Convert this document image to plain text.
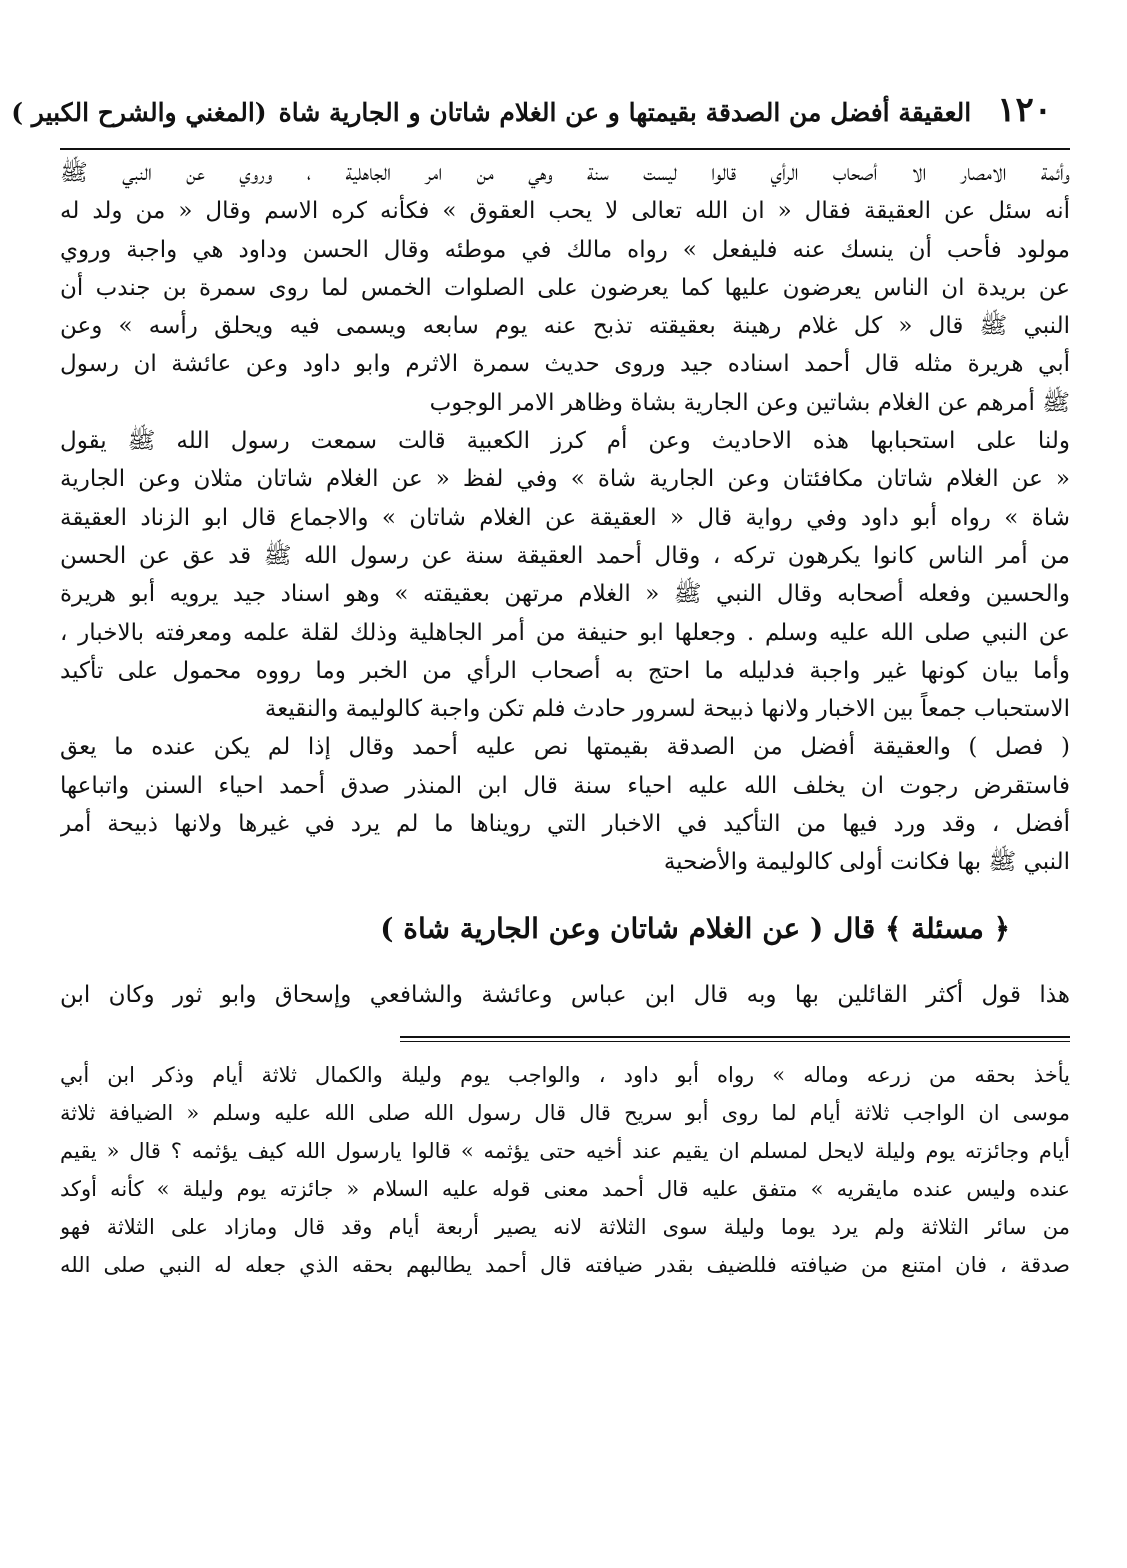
١٢٠
العقيقة أفضل من الصدقة بقيمتها و عن الغلام شاتان و الجارية شاة
(المغني والشرح الكبير )
وأئمة الامصار الا أصحاب الرأي قالوا ليست سنة وهي من امر الجاهلية ، وروي عن النبي ﷺ
أنه سئل عن العقيقة فقال « ان الله تعالى لا يحب العقوق » فكأنه كره الاسم وقال « من ولد له
مولود فأحب أن ينسك عنه فليفعل » رواه مالك في موطئه وقال الحسن وداود هي واجبة وروي
عن بريدة ان الناس يعرضون عليها كما يعرضون على الصلوات الخمس لما روى سمرة بن جندب أن
النبي ﷺ قال « كل غلام رهينة بعقيقته تذبح عنه يوم سابعه ويسمى فيه ويحلق رأسه » وعن
أبي هريرة مثله قال أحمد اسناده جيد وروى حديث سمرة الاثرم وابو داود وعن عائشة ان رسول
ﷺ أمرهم عن الغلام بشاتين وعن الجارية بشاة وظاهر الامر الوجوب
ولنا على استحبابها هذه الاحاديث وعن أم كرز الكعبية قالت سمعت رسول الله ﷺ يقول
« عن الغلام شاتان مكافئتان وعن الجارية شاة » وفي لفظ « عن الغلام شاتان مثلان وعن الجارية
شاة » رواه أبو داود وفي رواية قال « العقيقة عن الغلام شاتان » والاجماع قال ابو الزناد العقيقة
من أمر الناس كانوا يكرهون تركه ، وقال أحمد العقيقة سنة عن رسول الله ﷺ قد عق عن الحسن
والحسين وفعله أصحابه وقال النبي ﷺ « الغلام مرتهن بعقيقته » وهو اسناد جيد يرويه أبو هريرة
عن النبي صلى الله عليه وسلم . وجعلها ابو حنيفة من أمر الجاهلية وذلك لقلة علمه ومعرفته بالاخبار ،
وأما بيان كونها غير واجبة فدليله ما احتج به أصحاب الرأي من الخبر وما رووه محمول على تأكيد
الاستحباب جمعاً بين الاخبار ولانها ذبيحة لسرور حادث فلم تكن واجبة كالوليمة والنقيعة
( فصل ) والعقيقة أفضل من الصدقة بقيمتها نص عليه أحمد وقال إذا لم يكن عنده ما يعق
فاستقرض رجوت ان يخلف الله عليه احياء سنة قال ابن المنذر صدق أحمد احياء السنن واتباعها
أفضل ، وقد ورد فيها من التأكيد في الاخبار التي رويناها ما لم يرد في غيرها ولانها ذبيحة أمر
النبي ﷺ بها فكانت أولى كالوليمة والأضحية
﴿ مسئلة ﴾ قال ( عن الغلام شاتان وعن الجارية شاة )
هذا قول أكثر القائلين بها وبه قال ابن عباس وعائشة والشافعي وإسحاق وابو ثور وكان ابن
يأخذ بحقه من زرعه وماله » رواه أبو داود ، والواجب يوم وليلة والكمال ثلاثة أيام وذكر ابن أبي
موسى ان الواجب ثلاثة أيام لما روى أبو سريح قال قال رسول الله صلى الله عليه وسلم « الضيافة ثلاثة
أيام وجائزته يوم وليلة لايحل لمسلم ان يقيم عند أخيه حتى يؤثمه » قالوا يارسول الله كيف يؤثمه ؟ قال « يقيم
عنده وليس عنده مايقريه » متفق عليه قال أحمد معنى قوله عليه السلام « جائزته يوم وليلة » كأنه أوكد
من سائر الثلاثة ولم يرد يوما وليلة سوى الثلاثة لانه يصير أربعة أيام وقد قال ومازاد على الثلاثة فهو
صدقة ، فان امتنع من ضيافته فللضيف بقدر ضيافته قال أحمد يطالبهم بحقه الذي جعله له النبي صلى الله
